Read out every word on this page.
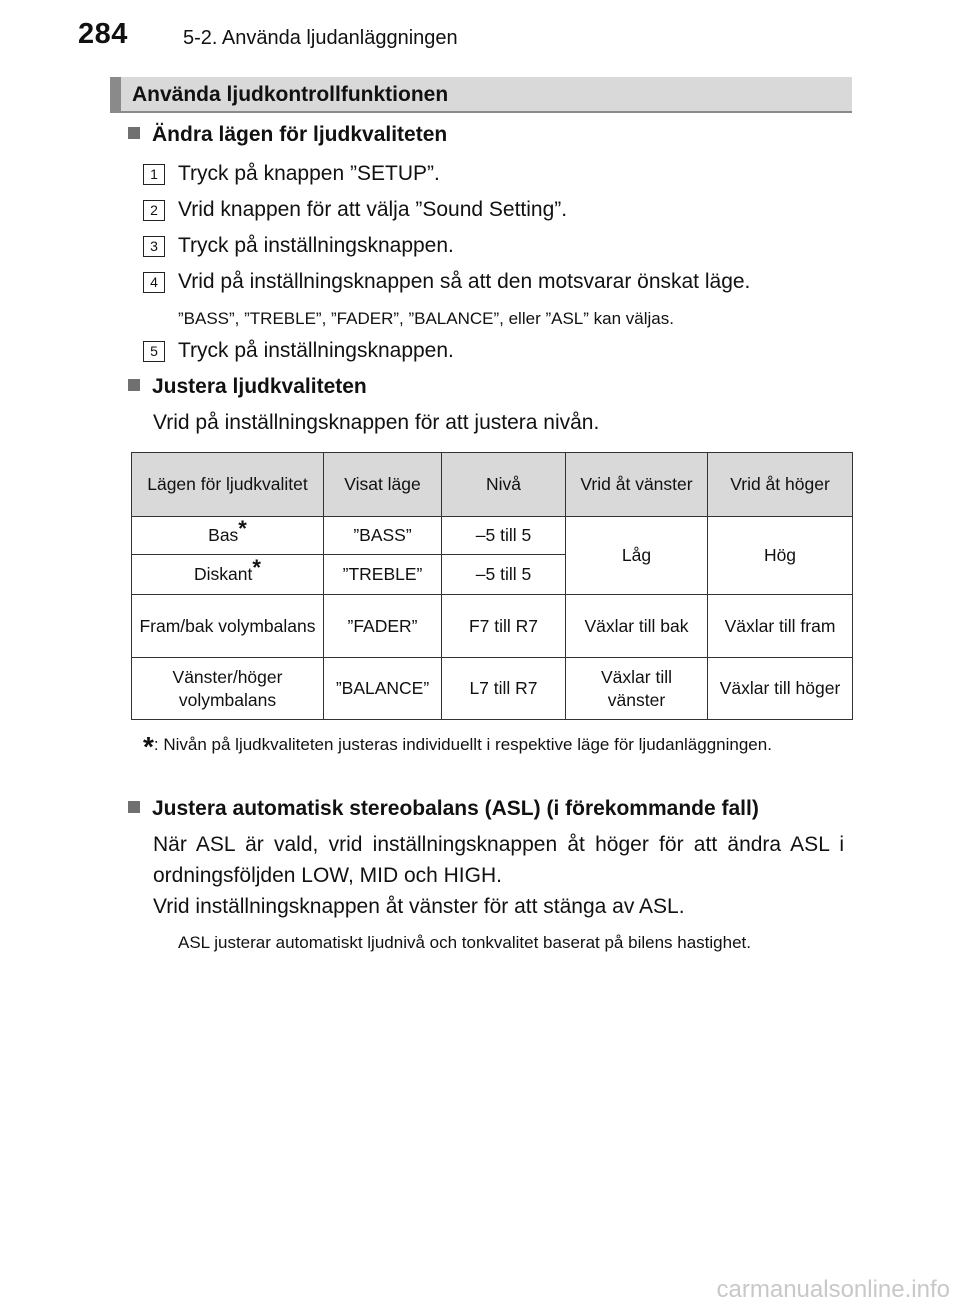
284	5-2. Använda ljudanläggningen
Använda ljudkontrollfunktionen
Ändra lägen för ljudkvaliteten
1 Tryck på knappen ”SETUP”.
2 Vrid knappen för att välja ”Sound Setting”.
3 Tryck på inställningsknappen.
4 Vrid på inställningsknappen så att den motsvarar önskat läge.
”BASS”, ”TREBLE”, ”FADER”, ”BALANCE”, eller ”ASL” kan väljas.
5 Tryck på inställningsknappen.
Justera ljudkvaliteten
Vrid på inställningsknappen för att justera nivån.
Lägen för ljudkvalitet	Visat läge	Nivå	Vrid åt vänster	Vrid åt höger
Bas*	”BASS”	–5 till 5	Låg	Hög
Diskant*	”TREBLE”	–5 till 5		
Fram/bak volymbalans	”FADER”	F7 till R7	Växlar till bak	Växlar till fram
Vänster/höger volymbalans	”BALANCE”	L7 till R7	Växlar till vänster	Växlar till höger
*: Nivån på ljudkvaliteten justeras individuellt i respektive läge för ljudanläggningen.
Justera automatisk stereobalans (ASL) (i förekommande fall)
När ASL är vald, vrid inställningsknappen åt höger för att ändra ASL i ordningsföljden LOW, MID och HIGH.
Vrid inställningsknappen åt vänster för att stänga av ASL.
ASL justerar automatiskt ljudnivå och tonkvalitet baserat på bilens hastighet.
carmanualsonline.info
